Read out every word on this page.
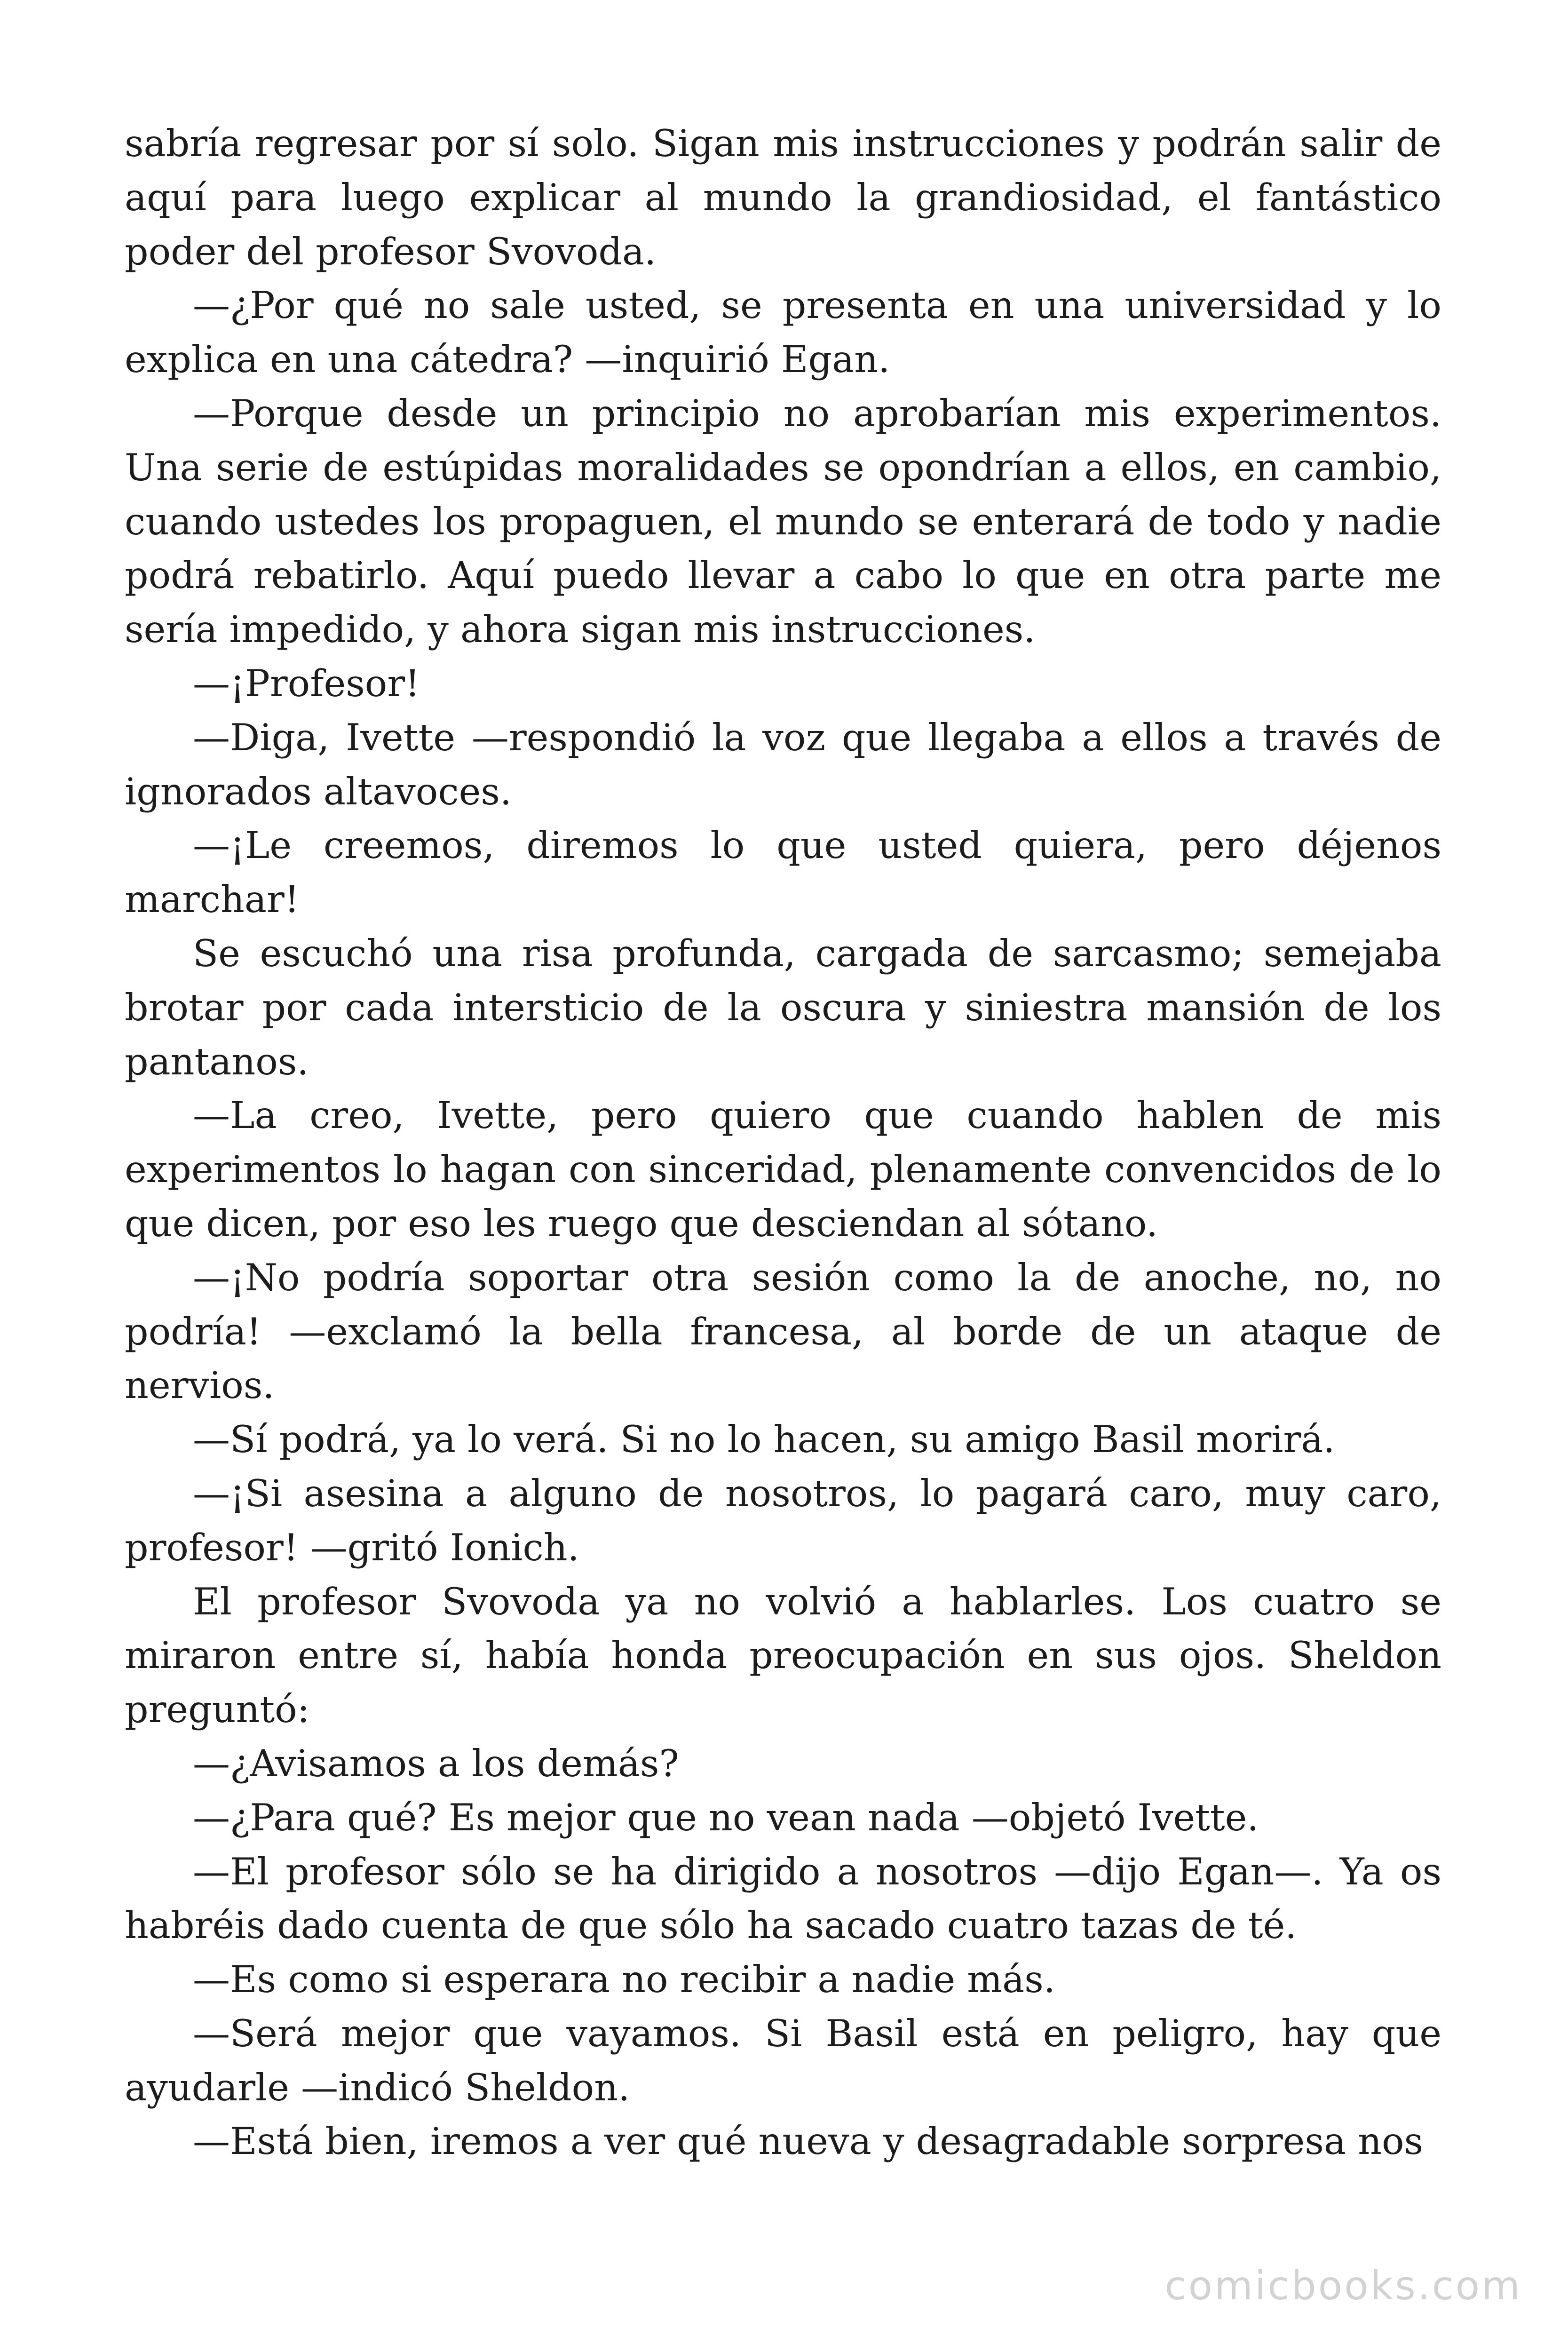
sabría regresar por sí solo. Sigan mis instrucciones y podrán salir de aquí para luego explicar al mundo la grandiosidad, el fantástico poder del profesor Svovoda.

—¿Por qué no sale usted, se presenta en una universidad y lo explica en una cátedra? —inquirió Egan.

—Porque desde un principio no aprobarían mis experimentos. Una serie de estúpidas moralidades se opondrían a ellos, en cambio, cuando ustedes los propaguen, el mundo se enterará de todo y nadie podrá rebatirlo. Aquí puedo llevar a cabo lo que en otra parte me sería impedido, y ahora sigan mis instrucciones.

—¡Profesor!

—Diga, Ivette —respondió la voz que llegaba a ellos a través de ignorados altavoces.

—¡Le creemos, diremos lo que usted quiera, pero déjenos marchar!

Se escuchó una risa profunda, cargada de sarcasmo; semejaba brotar por cada intersticio de la oscura y siniestra mansión de los pantanos.

—La creo, Ivette, pero quiero que cuando hablen de mis experimentos lo hagan con sinceridad, plenamente convencidos de lo que dicen, por eso les ruego que desciendan al sótano.

—¡No podría soportar otra sesión como la de anoche, no, no podría! —exclamó la bella francesa, al borde de un ataque de nervios.

—Sí podrá, ya lo verá. Si no lo hacen, su amigo Basil morirá.

—¡Si asesina a alguno de nosotros, lo pagará caro, muy caro, profesor! —gritó Ionich.

El profesor Svovoda ya no volvió a hablarles. Los cuatro se miraron entre sí, había honda preocupación en sus ojos. Sheldon preguntó:

—¿Avisamos a los demás?

—¿Para qué? Es mejor que no vean nada —objetó Ivette.

—El profesor sólo se ha dirigido a nosotros —dijo Egan—. Ya os habréis dado cuenta de que sólo ha sacado cuatro tazas de té.

—Es como si esperara no recibir a nadie más.

—Será mejor que vayamos. Si Basil está en peligro, hay que ayudarle —indicó Sheldon.

—Está bien, iremos a ver qué nueva y desagradable sorpresa nos

comicbooks.com
